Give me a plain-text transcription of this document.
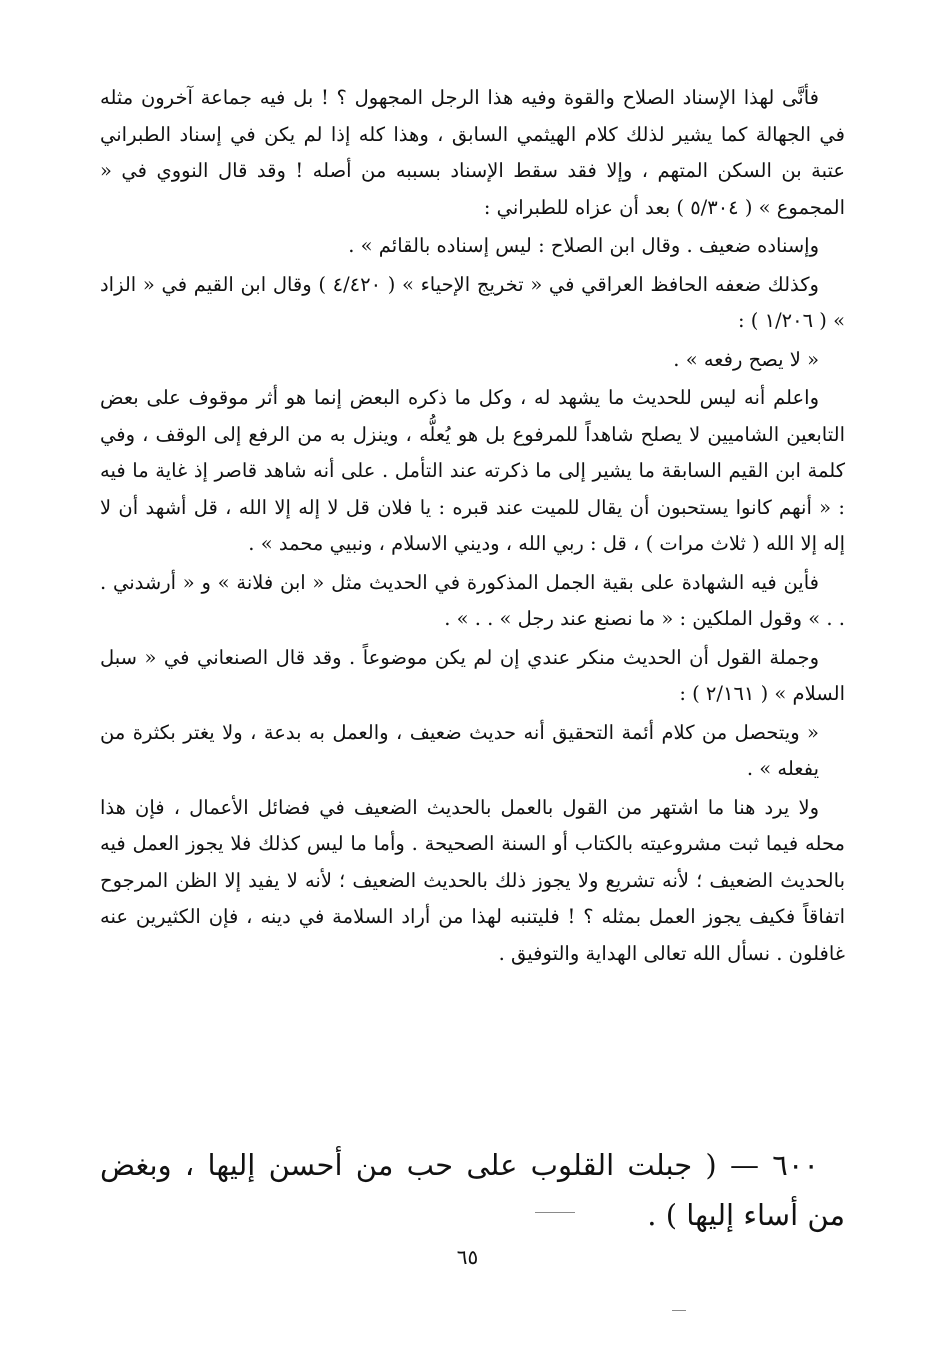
فأنَّى لهذا الإسناد الصلاح والقوة وفيه هذا الرجل المجهول ؟ ! بل فيه جماعة آخرون مثله في الجهالة كما يشير لذلك كلام الهيثمي السابق ، وهذا كله إذا لم يكن في إسناد الطبراني عتبة بن السكن المتهم ، وإلا فقد سقط الإسناد بسببه من أصله ! وقد قال النووي في « المجموع » ( ٥/٣٠٤ ) بعد أن عزاه للطبراني :

وإسناده ضعيف . وقال ابن الصلاح : ليس إسناده بالقائم » .

وكذلك ضعفه الحافظ العراقي في « تخريج الإحياء » ( ٤/٤٢٠ ) وقال ابن القيم في « الزاد » ( ١/٢٠٦ ) :

« لا يصح رفعه » .

واعلم أنه ليس للحديث ما يشهد له ، وكل ما ذكره البعض إنما هو أثر موقوف على بعض التابعين الشاميين لا يصلح شاهداً للمرفوع بل هو يُعلُّه ، وينزل به من الرفع إلى الوقف ، وفي كلمة ابن القيم السابقة ما يشير إلى ما ذكرته عند التأمل . على أنه شاهد قاصر إذ غاية ما فيه : « أنهم كانوا يستحبون أن يقال للميت عند قبره : يا فلان قل لا إله إلا الله ، قل أشهد أن لا إله إلا الله ( ثلاث مرات ) ، قل : ربي الله ، وديني الاسلام ، ونبيي محمد » .

فأين فيه الشهادة على بقية الجمل المذكورة في الحديث مثل « ابن فلانة » و « أرشدني . . . » وقول الملكين : « ما نصنع عند رجل » . . » .

وجملة القول أن الحديث منكر عندي إن لم يكن موضوعاً . وقد قال الصنعاني في « سبل السلام » ( ٢/١٦١ ) :

« ويتحصل من كلام أئمة التحقيق أنه حديث ضعيف ، والعمل به بدعة ، ولا يغتر بكثرة من يفعله » .

ولا يرد هنا ما اشتهر من القول بالعمل بالحديث الضعيف في فضائل الأعمال ، فإن هذا محله فيما ثبت مشروعيته بالكتاب أو السنة الصحيحة . وأما ما ليس كذلك فلا يجوز العمل فيه بالحديث الضعيف ؛ لأنه تشريع ولا يجوز ذلك بالحديث الضعيف ؛ لأنه لا يفيد إلا الظن المرجوح اتفاقاً فكيف يجوز العمل بمثله ؟ ! فليتنبه لهذا من أراد السلامة في دينه ، فإن الكثيرين عنه غافلون . نسأل الله تعالى الهداية والتوفيق .

٦٠٠ — ( جبلت القلوب على حب من أحسن إليها ، وبغض من أساء إليها ) .
٦٥
